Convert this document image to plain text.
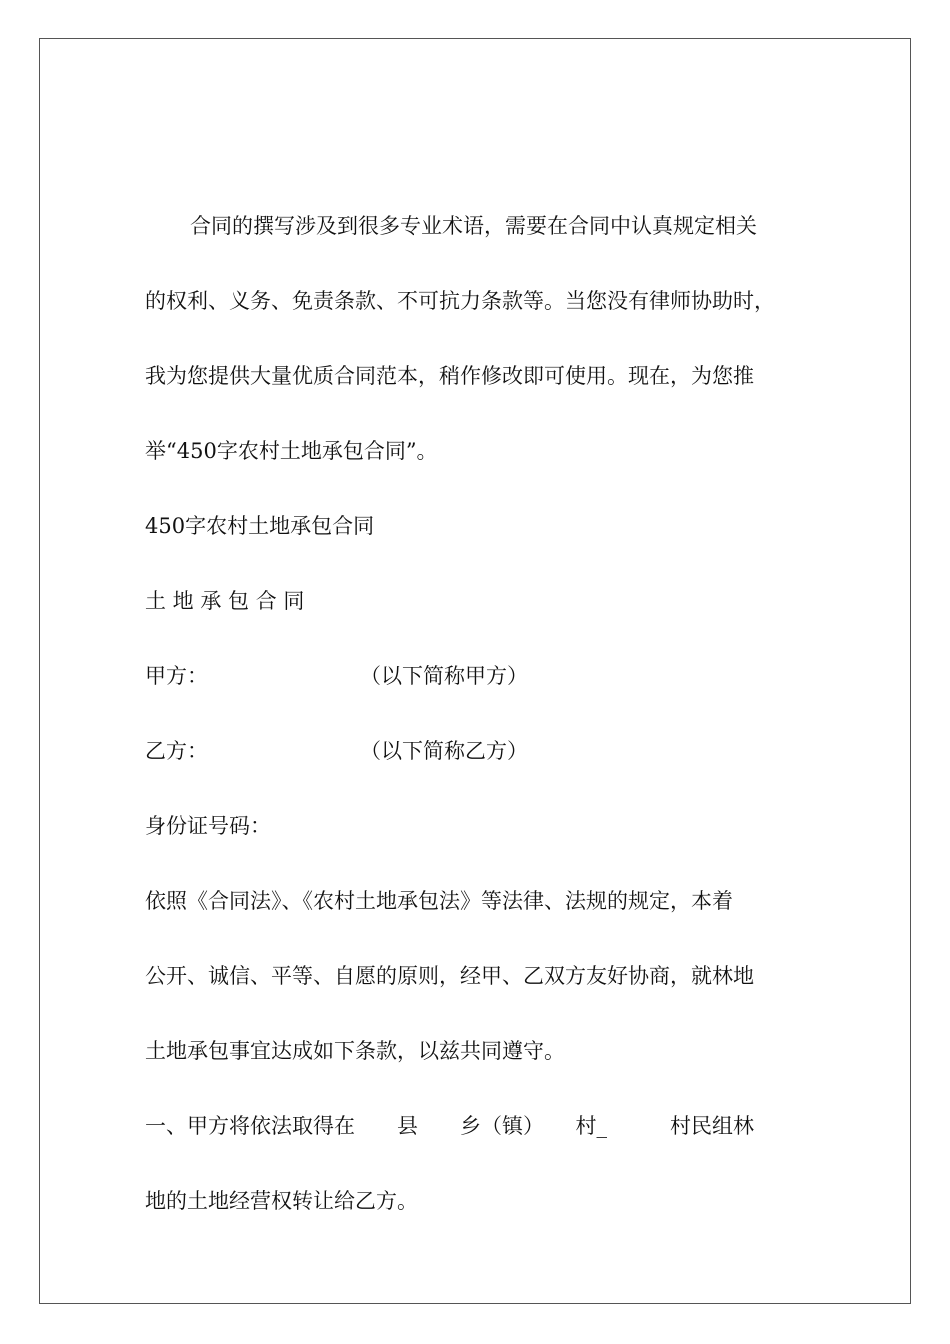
合同的撰写涉及到很多专业术语，需要在合同中认真规定相关

的权利、义务、免责条款、不可抗力条款等。当您没有律师协助时，

我为您提供大量优质合同范本，稍作修改即可使用。现在，为您推

举“450字农村土地承包合同”。

450字农村土地承包合同

土 地 承 包 合 同

甲方：	（以下简称甲方）

乙方：	（以下简称乙方）

身份证号码：

依照《合同法》、《农村土地承包法》等法律、法规的规定，本着

公开、诚信、平等、自愿的原则，经甲、乙双方友好协商，就林地

土地承包事宜达成如下条款，以兹共同遵守。

一、甲方将依法取得在　　县　　乡（镇）　　村_　　　村民组林

地的土地经营权转让给乙方。
